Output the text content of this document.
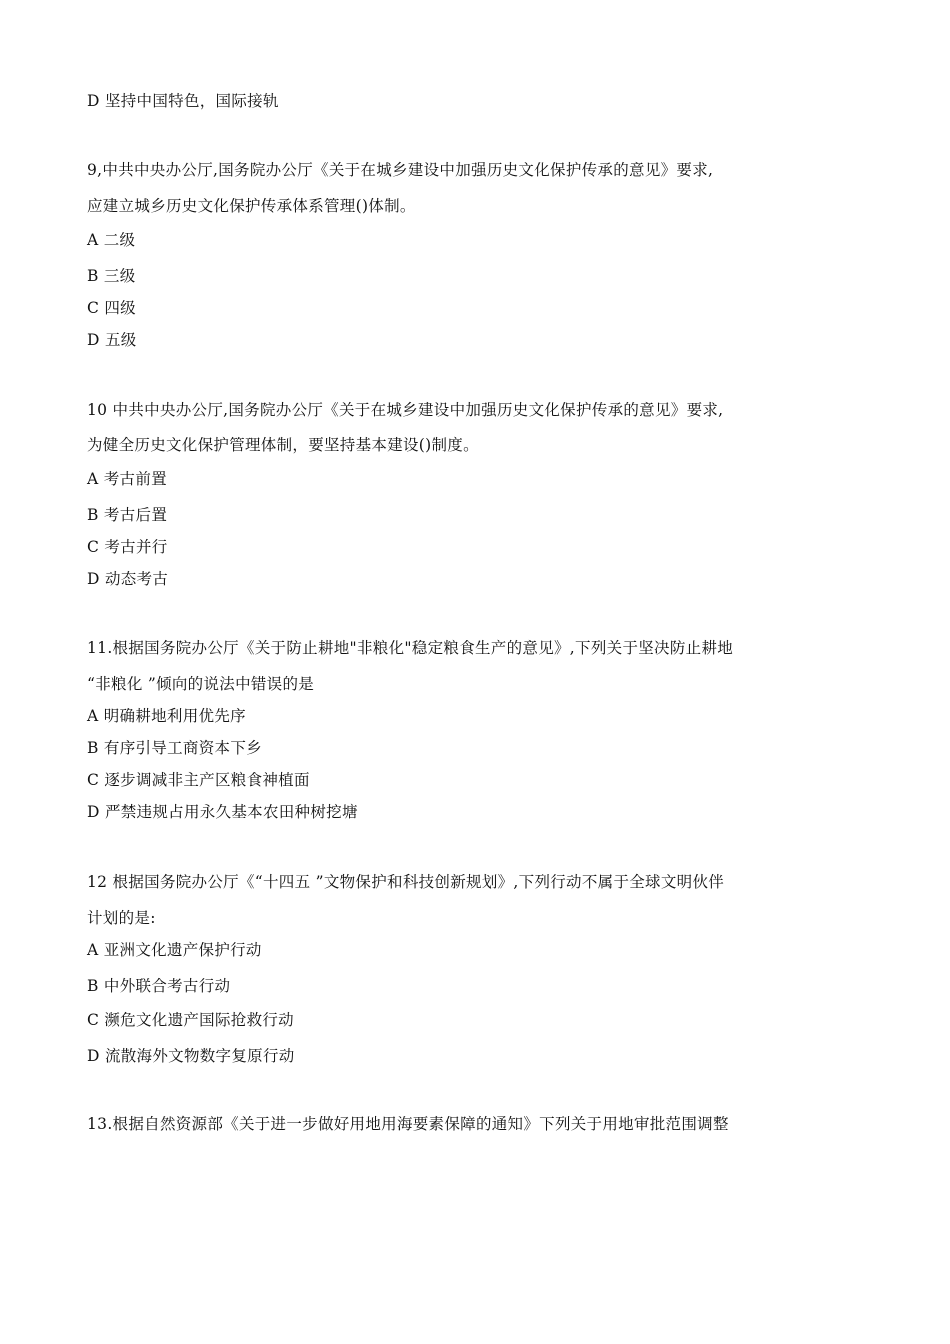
D 坚持中国特色，国际接轨
9,中共中央办公厅,国务院办公厅《关于在城乡建设中加强历史文化保护传承的意见》要求,
应建立城乡历史文化保护传承体系管理()体制。
A 二级
B 三级
C 四级
D 五级
10 中共中央办公厅,国务院办公厅《关于在城乡建设中加强历史文化保护传承的意见》要求,
为健全历史文化保护管理体制，要坚持基本建设()制度。
A 考古前置
B 考古后置
C 考古并行
D 动态考古
11.根据国务院办公厅《关于防止耕地"非粮化"稳定粮食生产的意见》,下列关于坚决防止耕地
“非粮化 ”倾向的说法中错误的是
A 明确耕地利用优先序
B 有序引导工商资本下乡
C 逐步调减非主产区粮食神植面
D 严禁违规占用永久基本农田种树挖塘
12 根据国务院办公厅《“十四五 ”文物保护和科技创新规划》,下列行动不属于全球文明伙伴
计划的是:
A 亚洲文化遗产保护行动
B 中外联合考古行动
C 濒危文化遗产国际抢救行动
D 流散海外文物数字复原行动
13.根据自然资源部《关于进一步做好用地用海要素保障的通知》下列关于用地审批范围调整
